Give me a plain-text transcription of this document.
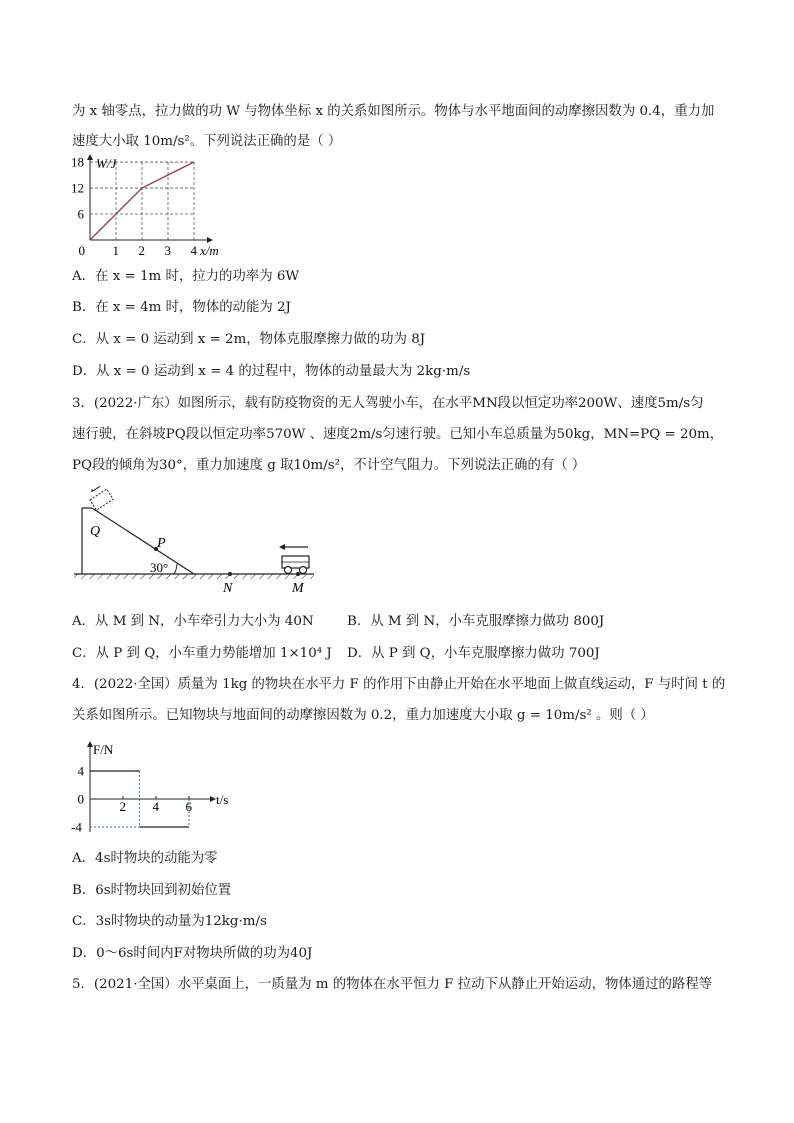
为 x 轴零点，拉力做的功 W 与物体坐标 x 的关系如图所示。物体与水平地面间的动摩擦因数为 0.4，重力加
速度大小取 10m/s²。下列说法正确的是（ ）
W/J
0 1 2 3 4 x/m
6
12
18
A．在 x = 1m 时，拉力的功率为 6W
B．在 x = 4m 时，物体的动能为 2J
C．从 x = 0 运动到 x = 2m，物体克服摩擦力做的功为 8J
D．从 x = 0 运动到 x = 4 的过程中，物体的动量最大为 2kg·m/s
3．(2022·广东）如图所示，载有防疫物资的无人驾驶小车，在水平MN段以恒定功率200W、速度5m/s匀
速行驶，在斜坡PQ段以恒定功率570W 、速度2m/s匀速行驶。已知小车总质量为50kg，MN=PQ = 20m，
PQ段的倾角为30°，重力加速度 g 取10m/s²，不计空气阻力。下列说法正确的有（ ）
Q
P
30°
N	M
A．从 M 到 N，小车牵引力大小为 40N B．从 M 到 N，小车克服摩擦力做功 800J
C．从 P 到 Q，小车重力势能增加 1×10⁴ J D．从 P 到 Q，小车克服摩擦力做功 700J
4．(2022·全国）质量为 1kg 的物块在水平力 F 的作用下由静止开始在水平地面上做直线运动，F 与时间 t 的
关系如图所示。已知物块与地面间的动摩擦因数为 0.2，重力加速度大小取 g = 10m/s² 。则（ ）
F/N
t/s
4
0
-4
2 4 6
A．4s时物块的动能为零
B．6s时物块回到初始位置
C．3s时物块的动量为12kg·m/s
D．0～6s时间内F对物块所做的功为40J
5．(2021·全国）水平桌面上，一质量为 m 的物体在水平恒力 F 拉动下从静止开始运动，物体通过的路程等
